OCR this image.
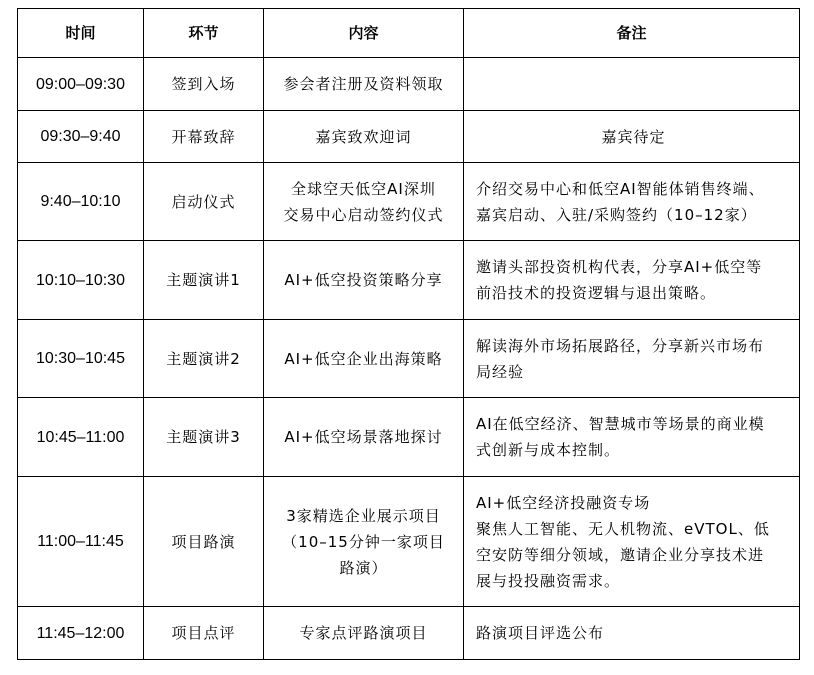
时间	环节	内容	备注
09:00–09:30	签到入场	参会者注册及资料领取	

09:30–9:40	开幕致辞	嘉宾致欢迎词	嘉宾待定

9:40–10:10	启动仪式	全球空天低空AI深圳
交易中心启动签约仪式	介绍交易中心和低空AI智能体销售终端、
嘉宾启动、入驻/采购签约（10–12家）

10:10–10:30	主题演讲1	AI+低空投资策略分享	邀请头部投资机构代表，分享AI+低空等
前沿技术的投资逻辑与退出策略。

10:30–10:45	主题演讲2	AI+低空企业出海策略	解读海外市场拓展路径，分享新兴市场布
局经验

10:45–11:00	主题演讲3	AI+低空场景落地探讨	AI在低空经济、智慧城市等场景的商业模
式创新与成本控制。

11:00–11:45	项目路演	3家精选企业展示项目
（10–15分钟一家项目
路演）	AI+低空经济投融资专场
聚焦人工智能、无人机物流、eVTOL、低
空安防等细分领域，邀请企业分享技术进
展与投投融资需求。

11:45–12:00	项目点评	专家点评路演项目	路演项目评选公布
